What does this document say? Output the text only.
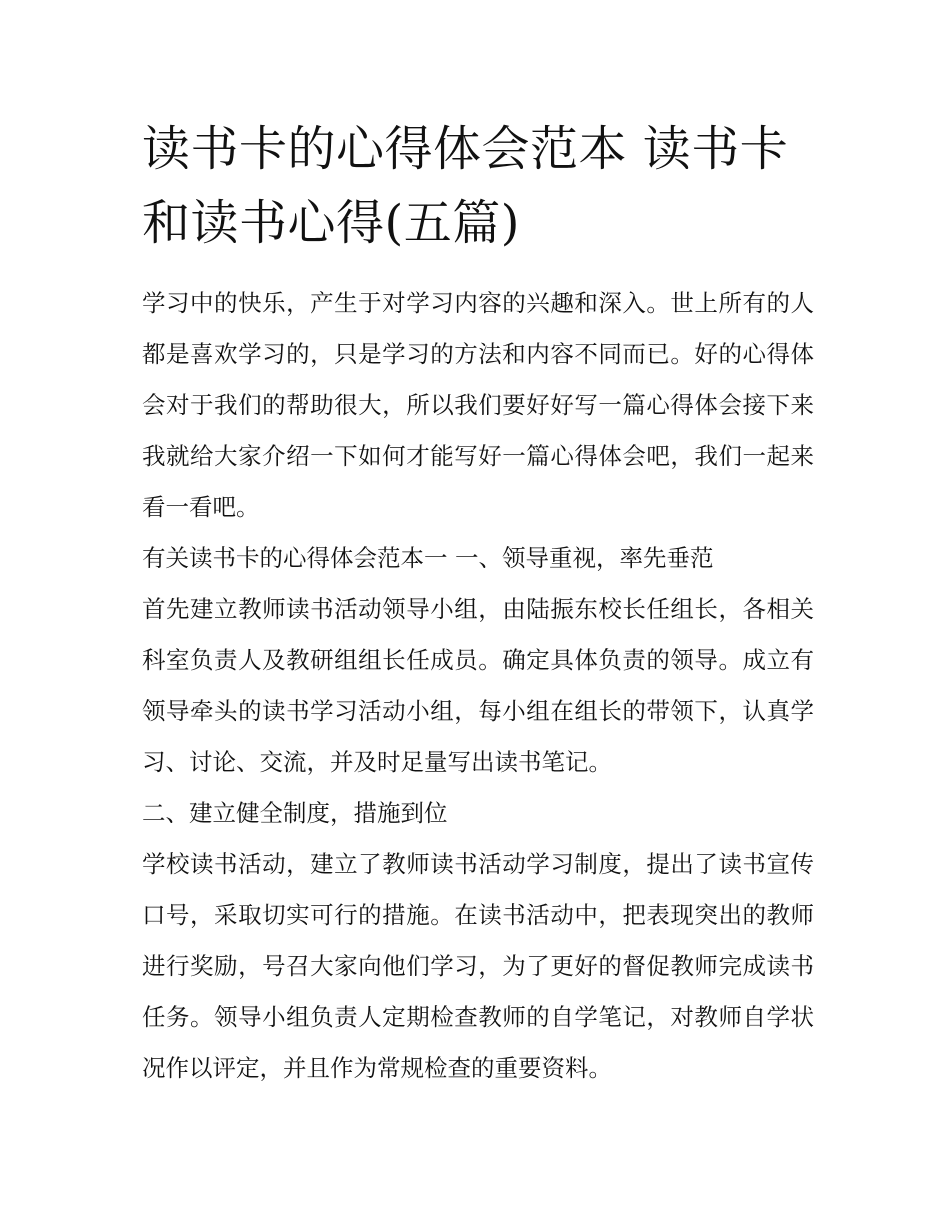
读书卡的心得体会范本 读书卡和读书心得(五篇)

学习中的快乐，产生于对学习内容的兴趣和深入。世上所有的人都是喜欢学习的，只是学习的方法和内容不同而已。好的心得体会对于我们的帮助很大，所以我们要好好写一篇心得体会接下来我就给大家介绍一下如何才能写好一篇心得体会吧，我们一起来看一看吧。

有关读书卡的心得体会范本一 一、领导重视，率先垂范

首先建立教师读书活动领导小组，由陆振东校长任组长，各相关科室负责人及教研组组长任成员。确定具体负责的领导。成立有领导牵头的读书学习活动小组，每小组在组长的带领下，认真学习、讨论、交流，并及时足量写出读书笔记。

二、建立健全制度，措施到位

学校读书活动，建立了教师读书活动学习制度，提出了读书宣传口号，采取切实可行的措施。在读书活动中，把表现突出的教师进行奖励，号召大家向他们学习，为了更好的督促教师完成读书任务。领导小组负责人定期检查教师的自学笔记，对教师自学状况作以评定，并且作为常规检查的重要资料。
